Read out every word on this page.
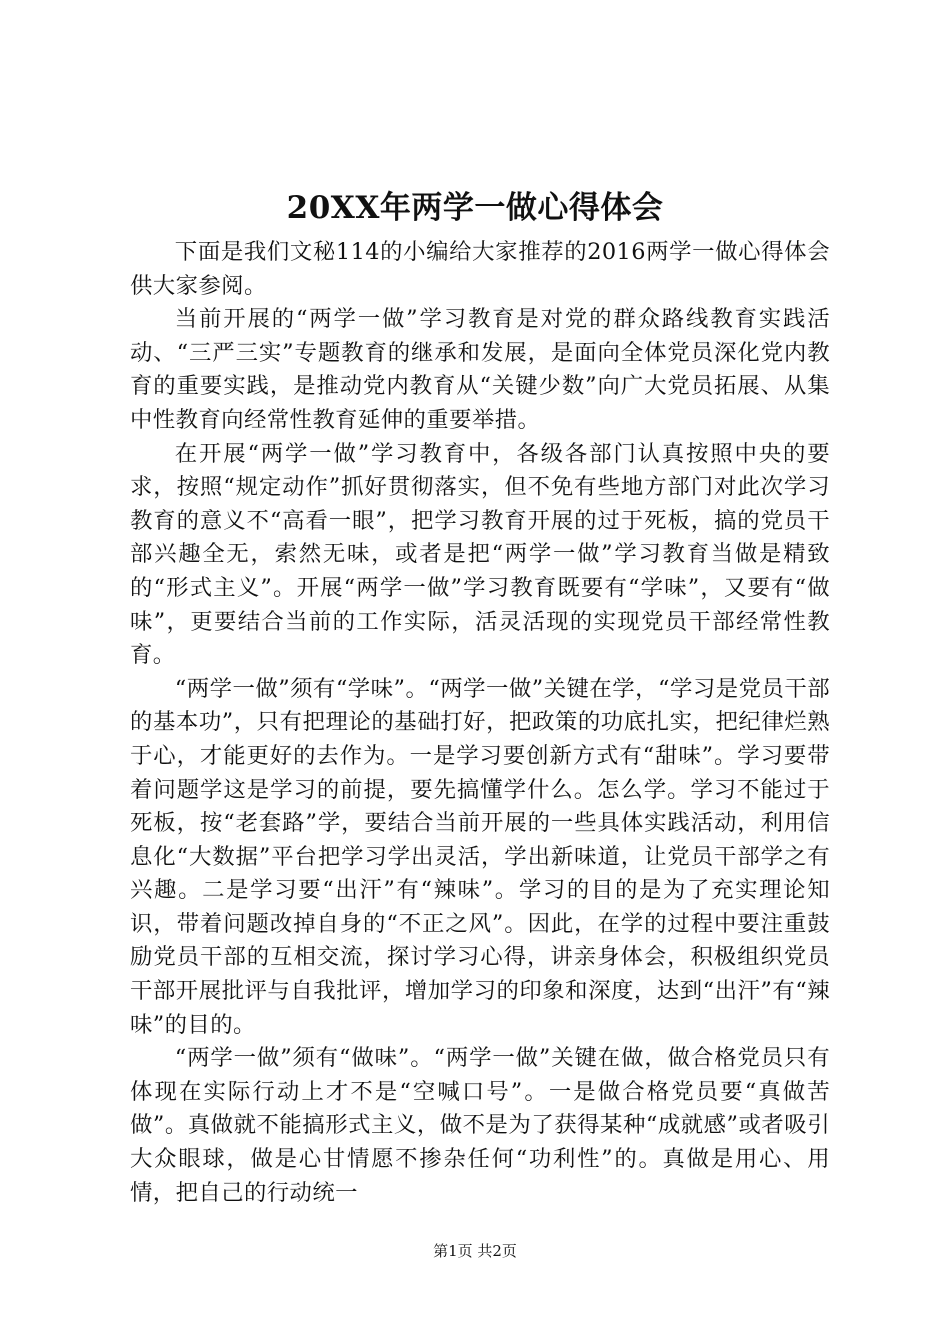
20XX年两学一做心得体会

下面是我们文秘114的小编给大家推荐的2016两学一做心得体会供大家参阅。

当前开展的“两学一做”学习教育是对党的群众路线教育实践活动、“三严三实”专题教育的继承和发展，是面向全体党员深化党内教育的重要实践，是推动党内教育从“关键少数”向广大党员拓展、从集中性教育向经常性教育延伸的重要举措。

在开展“两学一做”学习教育中，各级各部门认真按照中央的要求，按照“规定动作”抓好贯彻落实，但不免有些地方部门对此次学习教育的意义不“高看一眼”，把学习教育开展的过于死板，搞的党员干部兴趣全无，索然无味，或者是把“两学一做”学习教育当做是精致的“形式主义”。开展“两学一做”学习教育既要有“学味”，又要有“做味”，更要结合当前的工作实际，活灵活现的实现党员干部经常性教育。

“两学一做”须有“学味”。“两学一做”关键在学，“学习是党员干部的基本功”，只有把理论的基础打好，把政策的功底扎实，把纪律烂熟于心，才能更好的去作为。一是学习要创新方式有“甜味”。学习要带着问题学这是学习的前提，要先搞懂学什么。怎么学。学习不能过于死板，按“老套路”学，要结合当前开展的一些具体实践活动，利用信息化“大数据”平台把学习学出灵活，学出新味道，让党员干部学之有兴趣。二是学习要“出汗”有“辣味”。学习的目的是为了充实理论知识，带着问题改掉自身的“不正之风”。因此，在学的过程中要注重鼓励党员干部的互相交流，探讨学习心得，讲亲身体会，积极组织党员干部开展批评与自我批评，增加学习的印象和深度，达到“出汗”有“辣味”的目的。

“两学一做”须有“做味”。“两学一做”关键在做，做合格党员只有体现在实际行动上才不是“空喊口号”。一是做合格党员要“真做苦做”。真做就不能搞形式主义，做不是为了获得某种“成就感”或者吸引大众眼球，做是心甘情愿不掺杂任何“功利性”的。真做是用心、用情，把自己的行动统一

第1页 共2页
